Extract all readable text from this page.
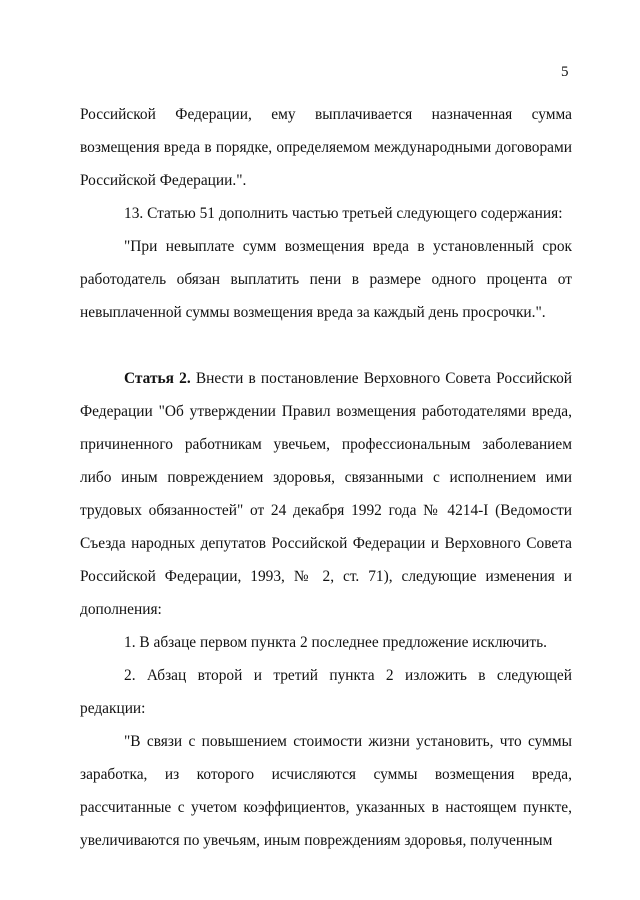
5

Российской Федерации, ему выплачивается назначенная сумма возмещения вреда в порядке, определяемом международными договорами Российской Федерации.".

13. Статью 51 дополнить частью третьей следующего содержания:

"При невыплате сумм возмещения вреда в установленный срок работодатель обязан выплатить пени в размере одного процента от невыплаченной суммы возмещения вреда за каждый день просрочки.".

Статья 2. Внести в постановление Верховного Совета Российской Федерации "Об утверждении Правил возмещения работодателями вреда, причиненного работникам увечьем, профессиональным заболеванием либо иным повреждением здоровья, связанными с исполнением ими трудовых обязанностей" от 24 декабря 1992 года № 4214-I (Ведомости Съезда народных депутатов Российской Федерации и Верховного Совета Российской Федерации, 1993, № 2, ст. 71), следующие изменения и дополнения:

1. В абзаце первом пункта 2 последнее предложение исключить.

2. Абзац второй и третий пункта 2 изложить в следующей редакции:

"В связи с повышением стоимости жизни установить, что суммы заработка, из которого исчисляются суммы возмещения вреда, рассчитанные с учетом коэффициентов, указанных в настоящем пункте, увеличиваются по увечьям, иным повреждениям здоровья, полученным
